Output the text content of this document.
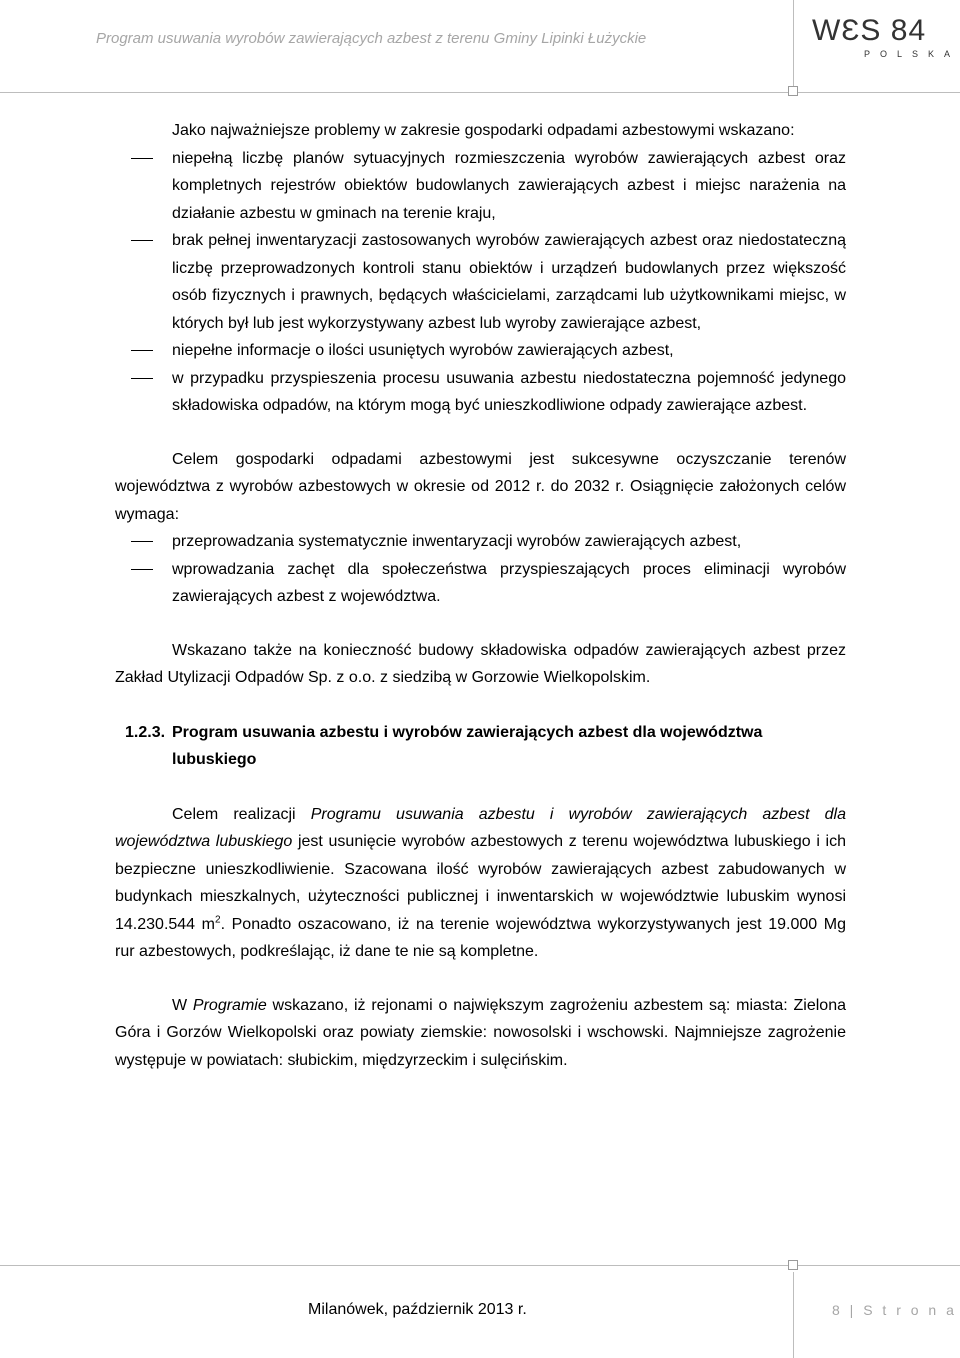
Program usuwania wyrobów zawierających azbest z terenu Gminy Lipinki Łużyckie	WƐS 84
POLSKA

Jako najważniejsze problemy w zakresie gospodarki odpadami azbestowymi wskazano:

niepełną liczbę planów sytuacyjnych rozmieszczenia wyrobów zawierających azbest oraz kompletnych rejestrów obiektów budowlanych zawierających azbest i miejsc narażenia na działanie azbestu w gminach na terenie kraju,
brak pełnej inwentaryzacji zastosowanych wyrobów zawierających azbest oraz niedostateczną liczbę przeprowadzonych kontroli stanu obiektów i urządzeń budowlanych przez większość osób fizycznych i prawnych, będących właścicielami, zarządcami lub użytkownikami miejsc, w których był lub jest wykorzystywany azbest lub wyroby zawierające azbest,
niepełne informacje o ilości usuniętych wyrobów zawierających azbest,
w przypadku przyspieszenia procesu usuwania azbestu niedostateczna pojemność jedynego składowiska odpadów, na którym mogą być unieszkodliwione odpady zawierające azbest.

Celem gospodarki odpadami azbestowymi jest sukcesywne oczyszczanie terenów województwa z wyrobów azbestowych w okresie od 2012 r. do 2032 r. Osiągnięcie założonych celów wymaga:

przeprowadzania systematycznie inwentaryzacji wyrobów zawierających azbest,
wprowadzania zachęt dla społeczeństwa przyspieszających proces eliminacji wyrobów zawierających azbest z województwa.

Wskazano także na konieczność budowy składowiska odpadów zawierających azbest przez Zakład Utylizacji Odpadów Sp. z o.o. z siedzibą w Gorzowie Wielkopolskim.

1.2.3. Program usuwania azbestu i wyrobów zawierających azbest dla województwa lubuskiego

Celem realizacji Programu usuwania azbestu i wyrobów zawierających azbest dla województwa lubuskiego jest usunięcie wyrobów azbestowych z terenu województwa lubuskiego i ich bezpieczne unieszkodliwienie. Szacowana ilość wyrobów zawierających azbest zabudowanych w budynkach mieszkalnych, użyteczności publicznej i inwentarskich w województwie lubuskim wynosi 14.230.544 $m^2$. Ponadto oszacowano, iż na terenie województwa wykorzystywanych jest 19.000 Mg rur azbestowych, podkreślając, iż dane te nie są kompletne.

W Programie wskazano, iż rejonami o największym zagrożeniu azbestem są: miasta: Zielona Góra i Gorzów Wielkopolski oraz powiaty ziemskie: nowosolski i wschowski. Najmniejsze zagrożenie występuje w powiatach: słubickim, międzyrzeckim i sulęcińskim.

Milanówek, październik 2013 r.	8 | S t r o n a
